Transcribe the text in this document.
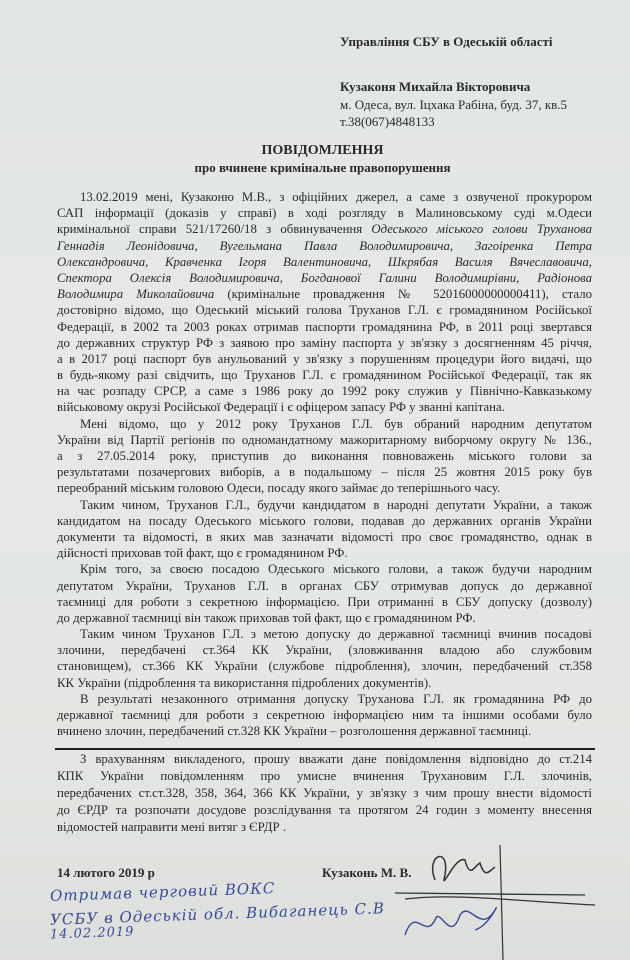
Управління СБУ в Одеській області
Кузаконя Михайла Вікторовича
м. Одеса, вул. Іцхака Рабіна, буд. 37, кв.5
т.38(067)4848133
ПОВІДОМЛЕННЯ
про вчинене кримінальне правопорушення
13.02.2019 мені, Кузаконю М.В., з офіційних джерел, а саме з озвученої прокурором
САП інформації (доказів у справі) в ході розгляду в Малиновському суді м.Одеси
кримінальної справи 521/17260/18 з обвинувачення Одеського міського голови Труханова
Геннадія Леонідовича, Вугельмана Павла Володимировича, Загоіренка Петра
Олександровича, Кравченка Ігоря Валентиновича, Шкрябая Василя Вячеславовича,
Спектора Олексія Володимировича, Богданової Галини Володимирівни, Радіонова
Володимира Миколайовича (кримінальне провадження № 52016000000000411), стало
достовірно відомо, що Одеський міський голова Труханов Г.Л. є громадянином Російської
Федерації, в 2002 та 2003 роках отримав паспорти громадянина РФ, в 2011 році звертався
до державних структур РФ з заявою про заміну паспорта у зв'язку з досягненням 45 річчя,
а в 2017 році паспорт був анульований у зв'язку з порушенням процедури його видачі, що
в будь-якому разі свідчить, що Труханов Г.Л. є громадянином Російської Федерації, так як
на час розпаду СРСР, а саме з 1986 року до 1992 року служив у Північно-Кавказькому
військовому окрузі Російської Федерації і є офіцером запасу РФ у званні капітана.
Мені відомо, що у 2012 року Труханов Г.Л. був обраний народним депутатом
України від Партії регіонів по одномандатному мажоритарному виборчому округу № 136.,
а з 27.05.2014 року, приступив до виконання повноважень міського голови за
результатами позачергових виборів, а в подальшому – після 25 жовтня 2015 року був
переобраний міським головою Одеси, посаду якого займає до теперішнього часу.
Таким чином, Труханов Г.Л., будучи кандидатом в народні депутати України, а також
кандидатом на посаду Одеського міського голови, подавав до державних органів України
документи та відомості, в яких мав зазначати відомості про своє громадянство, однак в
дійсності приховав той факт, що є громадянином РФ.
Крім того, за своєю посадою Одеського міського голови, а також будучи народним
депутатом України, Труханов Г.Л. в органах СБУ отримував допуск до державної
таємниці для роботи з секретною інформацією. При отриманні в СБУ допуску (дозволу)
до державної таємниці він також приховав той факт, що є громадянином РФ.
Таким чином Труханов Г.Л. з метою допуску до державної таємниці вчинив посадові
злочини, передбачені ст.364 КК України, (зловживання владою або службовим
становищем), ст.366 КК України (службове підроблення), злочин, передбачений ст.358
КК України (підроблення та використання підроблених документів).
В результаті незаконного отримання допуску Труханова Г.Л. як громадянина РФ до
державної таємниці для роботи з секретною інформацією ним та іншими особами було
вчинено злочин, передбачений ст.328 КК України – розголошення державної таємниці.
З врахуванням викладеного, прошу вважати дане повідомлення відповідно до ст.214
КПК України повідомленням про умисне вчинення Трухановим Г.Л. злочинів,
передбачених ст.ст.328, 358, 364, 366 КК України, у зв'язку з чим прошу внести відомості
до ЄРДР та розпочати досудове розслідування та протягом 24 годин з моменту внесення
відомостей направити мені витяг з ЄРДР .
14 лютого 2019 р	Кузаконь М. В.
Отримав черговий ВОКС
УСБУ в Одеській обл. Вибаганець С.В
14.02.2019
